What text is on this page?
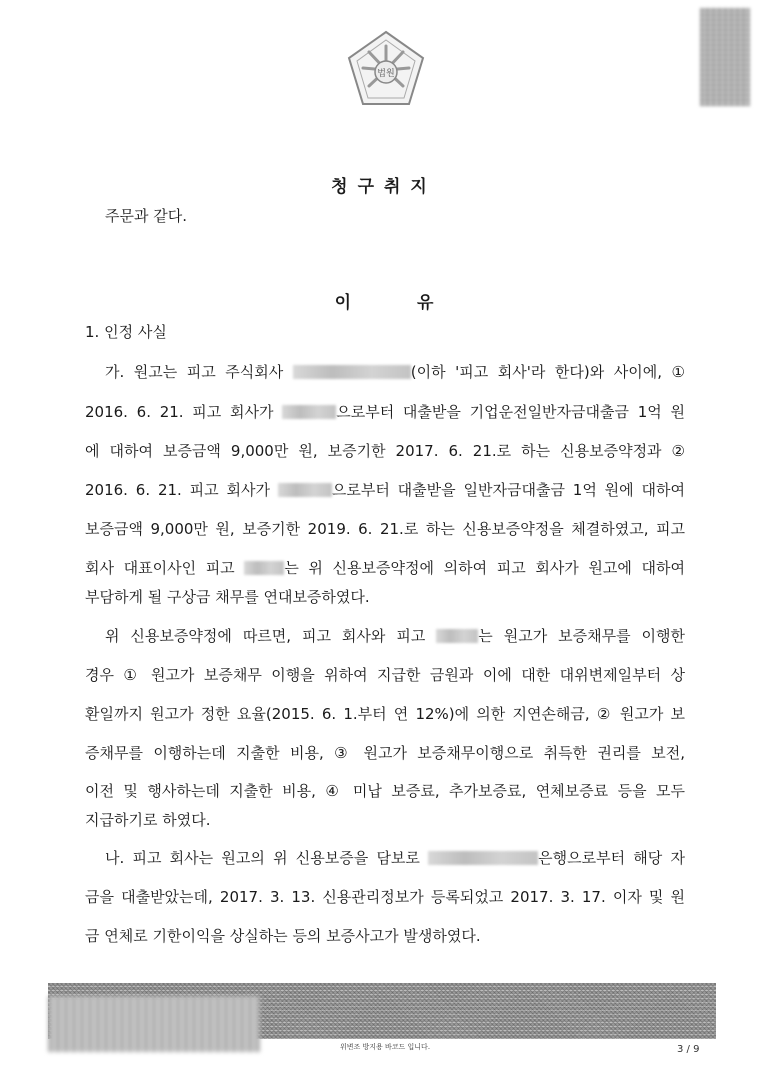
법원
청구취지
주문과 같다.
이 유
1. 인정 사실
가. 원고는 피고 주식회사	(이하 '피고 회사'라 한다)와 사이에, ①
2016. 6. 21. 피고 회사가	으로부터 대출받을 기업운전일반자금대출금 1억 원
에 대하여 보증금액 9,000만 원, 보증기한 2017. 6. 21.로 하는 신용보증약정과 ②
2016. 6. 21. 피고 회사가	으로부터 대출받을 일반자금대출금 1억 원에 대하여
보증금액 9,000만 원, 보증기한 2019. 6. 21.로 하는 신용보증약정을 체결하였고, 피고
회사 대표이사인 피고	는 위 신용보증약정에 의하여 피고 회사가 원고에 대하여
부담하게 될 구상금 채무를 연대보증하였다.
위 신용보증약정에 따르면, 피고 회사와 피고	는 원고가 보증채무를 이행한
경우 ① 원고가 보증채무 이행을 위하여 지급한 금원과 이에 대한 대위변제일부터 상
환일까지 원고가 정한 요율(2015. 6. 1.부터 연 12%)에 의한 지연손해금, ② 원고가 보
증채무를 이행하는데 지출한 비용, ③ 원고가 보증채무이행으로 취득한 권리를 보전,
이전 및 행사하는데 지출한 비용, ④ 미납 보증료, 추가보증료, 연체보증료 등을 모두
지급하기로 하였다.
나. 피고 회사는 원고의 위 신용보증을 담보로	은행으로부터 해당 자
금을 대출받았는데, 2017. 3. 13. 신용관리정보가 등록되었고 2017. 3. 17. 이자 및 원
금 연체로 기한이익을 상실하는 등의 보증사고가 발생하였다.
위변조 방지용 바코드 입니다.	3 / 9
